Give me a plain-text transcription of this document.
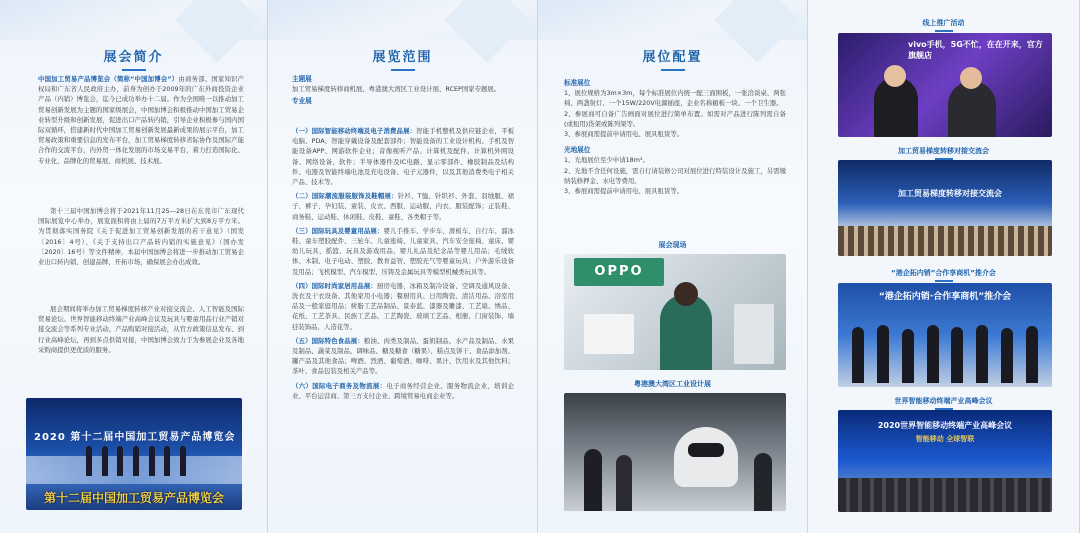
展会简介
中国加工贸易产品博览会（简称“中国加博会”）由商务部、国家知识产权局和广东省人民政府主办，前身为创办于2009年的广东外商投资企业产品（内销）博览会，迄今已成功举办十二届。作为全国唯一以推动加工贸易创新发展为主题的国家级展会，中国加博会积极推动中国加工贸易企业转型升级和创新发展，促进出口产品转内销，引导企业积极参与国内国际双循环，搭建新时代中国加工贸易创新发展最新成果的展示平台，加工贸易政策和重要信息的发布平台，加工贸易梯度转移省际协作及国际产能合作的交流平台，内外贸一体化发展的市场交易平台，着力打造国际化、专业化、品牌化的贸易展、商机展、技术展。
第十三届中国加博会将于2021年11月25—28日在东莞市广东现代国际展览中心举办，展览面积将由上届的7万平方米扩大到8万平方米。为贯彻落实国务院《关于促进加工贸易创新发展的若干意见》（国发〔2016〕4号）、《关于支持出口产品转内销的实施意见》（国办发〔2020〕16号）等文件精神，本届中国加博会将进一步推动加工贸易企业出口转内销、创建品牌、开拓市场，确保展会办出成效。
展会期间将举办加工贸易梯度转移产业对接交流会、人工智能及国际贸易论坛、世界智能移动终端产业高峰会议及玩具与婴童用品行业产销对接交流会等系列专业活动，产品购销对接活动，从官方政策信息发布、到行业高峰论坛，再到多点供销对接，中国加博会致力于为参展企业及各地采购商提供更优质的服务。
2020 第十二届中国加工贸易产品博览会
第十二届中国加工贸易产品博览会
展览范围
主题展
加工贸易梯度转移商机展、粤港澳大湾区工业设计展、RCEP国家专题展。
专业展
（一）国际智能移动终端及电子消费品展：智能手机整机及供应链企业，平板电脑、PDA、智能穿戴设备及配套部件；智能设备的工业设计机构、手机及智能设备APP、网游软件企业；音像视听产品、计算机及配件、计算机外围设备、网络设备、软件；半导体器件及IC电路、显示零部件、橡胶制品及结构件、电器及智能终端电池及充电设备、电子元器件，以及其他消费类电子相关产品、技术等。
（二）国际潮流服装服饰及鞋帽展：针衫、T恤、针织衫、外套、羽绒服、裙子、裤子、孕妇装、童装、皮衣、西服、运动服、内衣、服装配饰；正装鞋、商务鞋、运动鞋、休闲鞋、皮鞋、童鞋、各类帽子等。
（三）国际玩具及婴童用品展：婴儿手推车、学步车、滑板车、自行车、溜冰鞋、童车塑胶配件、三轮车、儿童座椅、儿童家具、汽车安全座椅、童床、婴幼儿玩具、摇篮、玩具及游戏用品、婴儿礼品及纪念品等婴儿用品；毛绒软体、木制、电子电动、塑胶、教育益智、塑胶充气等婴童玩具；户外游乐设备及用品；飞机模型、汽车模型、压铸及金属玩具等模型机械类玩具等。
（四）国际时尚家居用品展：厨房电器、冰箱及制冷设备、空调及通风设备、洗衣及干衣设备、其他家用小电器；餐厨用具、日用陶瓷、清洁用品、浴室用品及一般家庭用品；树脂工艺品制品、景泰蓝、漆器及雕漆、工艺扇、绣品、花纸、工艺茶具、民族工艺品、工艺陶瓷、玻璃工艺品、相册、门窗装饰、墙挂装饰品、人造花等。
（五）国际特色食品展：粮油、肉类及制品、蛋奶制品、水产品及制品、水果及制品、蔬菜及制品、调味品、糖及糖食（糖果）、糕点及饼干、食品添加剂、罐产品及其他食品；啤酒、烈酒、葡萄酒、咖啡、果汁、饮用水及其他饮料；茶叶、食品包装及相关产品等。
（六）国际电子商务及物流展：电子商务经营企业、服务物流企业、培训企业、平台运营商、第三方支付企业、跨境贸易电商企业等。
展位配置
标准展位
1、展位规格为3m×3m，每个标准展位内统一配三面围板，一张洽谈桌、两张椅、两盏射灯、一个15W/220V电源插座，企业名称楣板一块、一个卫生器。
2、参展商可自备广告画面对展位进行简单布置。如需对产品进行陈列需自备(或租用)货架或陈列架等。
3、参展商需提前申请用电、展具租赁等。
光地展位
1、光地展位至少申请18m²。
2、光地不含任何设施，需自行请装修公司对展位进行特装设计及施工，另需缴纳装修押金、水电等费用。
3、参展商需提前申请用电、展具租赁等。
展会现场
OPPO
粤港澳大湾区工业设计展
线上推广活动
vivo手机，5G不忙，在在开来，官方旗舰店
加工贸易梯度转移对接交流会
加工贸易梯度转移对接交流会
“港企拓内销”合作享商机”推介会
“港企拓内销·合作享商机”推介会
世界智能移动终端产业高峰会议
2020世界智能移动终端产业高峰会议
智能移动 全球智联
